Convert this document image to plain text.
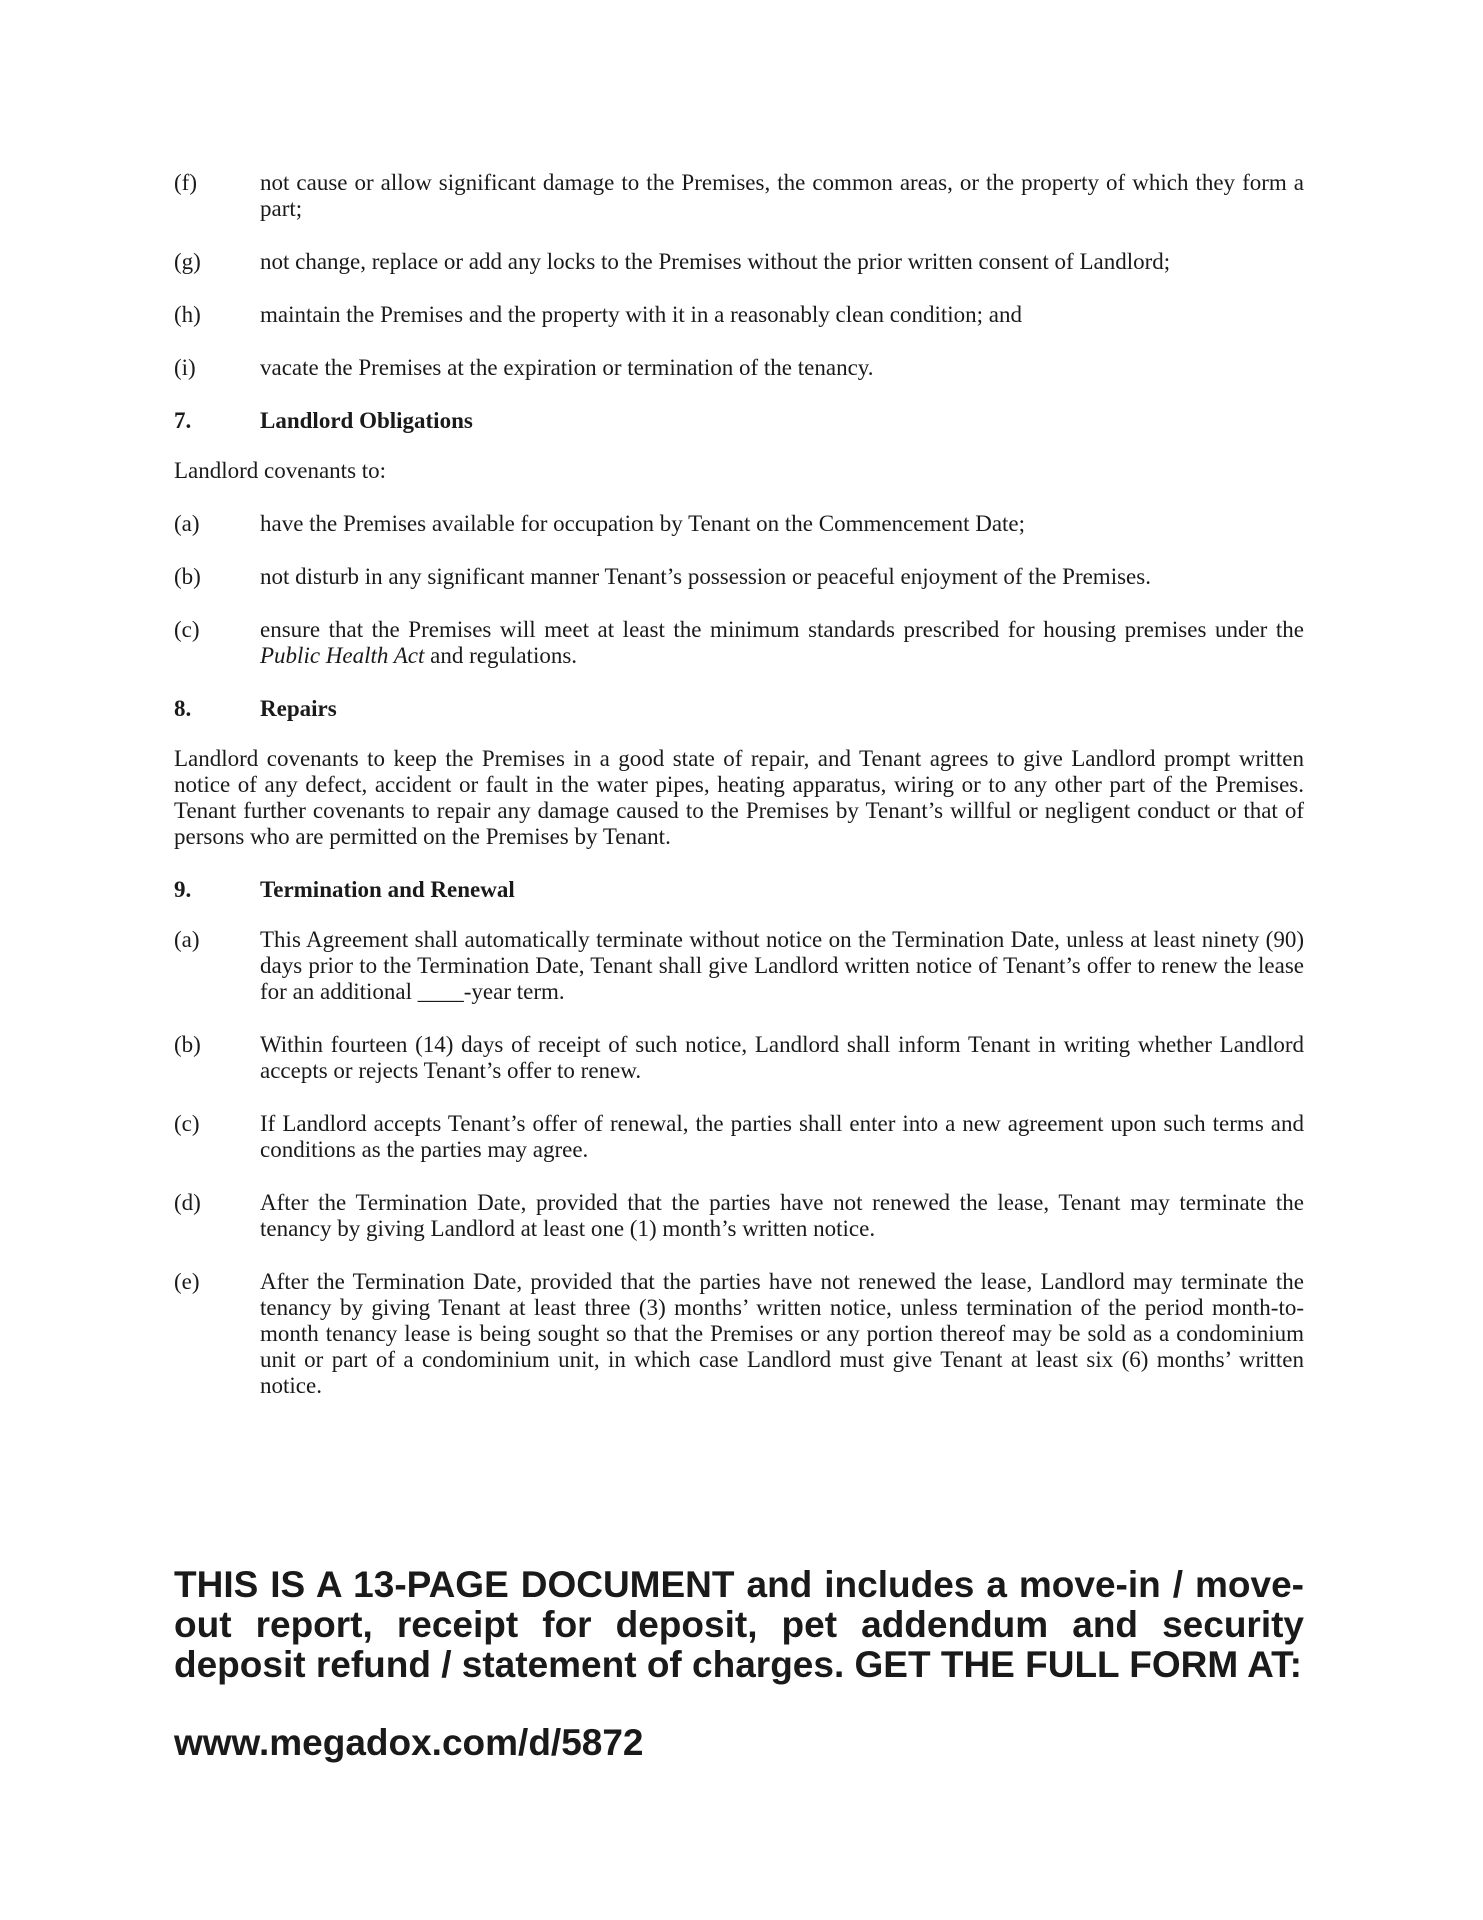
(f)	not cause or allow significant damage to the Premises, the common areas, or the property of which they form a part;
(g)	not change, replace or add any locks to the Premises without the prior written consent of Landlord;
(h)	maintain the Premises and the property with it in a reasonably clean condition; and
(i)	vacate the Premises at the expiration or termination of the tenancy.
7.	Landlord Obligations
Landlord covenants to:
(a)	have the Premises available for occupation by Tenant on the Commencement Date;
(b)	not disturb in any significant manner Tenant’s possession or peaceful enjoyment of the Premises.
(c)	ensure that the Premises will meet at least the minimum standards prescribed for housing premises under the Public Health Act and regulations.
8.	Repairs
Landlord covenants to keep the Premises in a good state of repair, and Tenant agrees to give Landlord prompt written notice of any defect, accident or fault in the water pipes, heating apparatus, wiring or to any other part of the Premises. Tenant further covenants to repair any damage caused to the Premises by Tenant’s willful or negligent conduct or that of persons who are permitted on the Premises by Tenant.
9.	Termination and Renewal
(a)	This Agreement shall automatically terminate without notice on the Termination Date, unless at least ninety (90) days prior to the Termination Date, Tenant shall give Landlord written notice of Tenant’s offer to renew the lease for an additional ____-year term.
(b)	Within fourteen (14) days of receipt of such notice, Landlord shall inform Tenant in writing whether Landlord accepts or rejects Tenant’s offer to renew.
(c)	If Landlord accepts Tenant’s offer of renewal, the parties shall enter into a new agreement upon such terms and conditions as the parties may agree.
(d)	After the Termination Date, provided that the parties have not renewed the lease, Tenant may terminate the tenancy by giving Landlord at least one (1) month’s written notice.
(e)	After the Termination Date, provided that the parties have not renewed the lease, Landlord may terminate the tenancy by giving Tenant at least three (3) months’ written notice, unless termination of the period month-to-month tenancy lease is being sought so that the Premises or any portion thereof may be sold as a condominium unit or part of a condominium unit, in which case Landlord must give Tenant at least six (6) months’ written notice.
THIS IS A 13-PAGE DOCUMENT and includes a move-in / move-out report, receipt for deposit, pet addendum and security deposit refund / statement of charges. GET THE FULL FORM AT:
www.megadox.com/d/5872
